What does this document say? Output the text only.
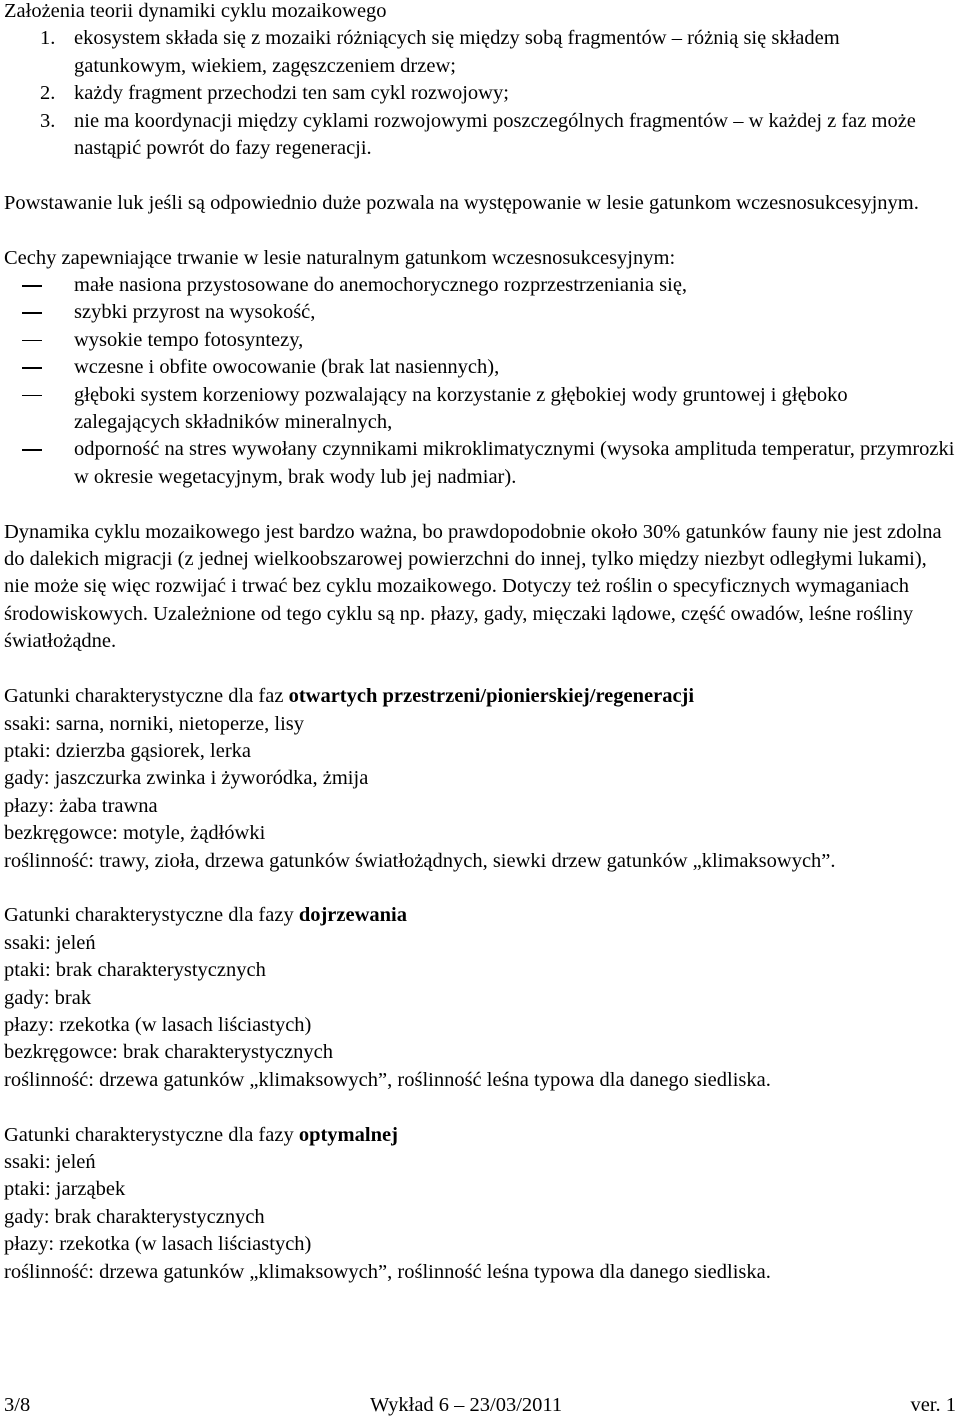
Założenia teorii dynamiki cyklu mozaikowego

1. ekosystem składa się z mozaiki różniących się między sobą fragmentów – różnią się składem gatunkowym, wiekiem, zagęszczeniem drzew;
2. każdy fragment przechodzi ten sam cykl rozwojowy;
3. nie ma koordynacji między cyklami rozwojowymi poszczególnych fragmentów – w każdej z faz może nastąpić powrót do fazy regeneracji.

Powstawanie luk jeśli są odpowiednio duże pozwala na występowanie w lesie gatunkom wczesnosukcesyjnym.

Cechy zapewniające trwanie w lesie naturalnym gatunkom wczesnosukcesyjnym:

małe nasiona przystosowane do anemochorycznego rozprzestrzeniania się,
szybki przyrost na wysokość,
wysokie tempo fotosyntezy,
wczesne i obfite owocowanie (brak lat nasiennych),
głęboki system korzeniowy pozwalający na korzystanie z głębokiej wody gruntowej i głęboko zalegających składników mineralnych,
odporność na stres wywołany czynnikami mikroklimatycznymi (wysoka amplituda temperatur, przymrozki w okresie wegetacyjnym, brak wody lub jej nadmiar).

Dynamika cyklu mozaikowego jest bardzo ważna, bo prawdopodobnie około 30% gatunków fauny nie jest zdolna do dalekich migracji (z jednej wielkoobszarowej powierzchni do innej, tylko między niezbyt odległymi lukami), nie może się więc rozwijać i trwać bez cyklu mozaikowego. Dotyczy też roślin o specyficznych wymaganiach środowiskowych. Uzależnione od tego cyklu są np. płazy, gady, mięczaki lądowe, część owadów, leśne rośliny światłożądne.

Gatunki charakterystyczne dla faz otwartych przestrzeni/pionierskiej/regeneracji

ssaki: sarna, norniki, nietoperze, lisy

ptaki: dzierzba gąsiorek, lerka

gady: jaszczurka zwinka i żyworódka, żmija

płazy: żaba trawna

bezkręgowce: motyle, żądłówki

roślinność: trawy, zioła, drzewa gatunków światłożądnych, siewki drzew gatunków „klimaksowych”.

Gatunki charakterystyczne dla fazy dojrzewania

ssaki: jeleń

ptaki: brak charakterystycznych

gady: brak

płazy: rzekotka (w lasach liściastych)

bezkręgowce: brak charakterystycznych

roślinność: drzewa gatunków „klimaksowych”, roślinność leśna typowa dla danego siedliska.

Gatunki charakterystyczne dla fazy optymalnej

ssaki: jeleń

ptaki: jarząbek

gady: brak charakterystycznych

płazy: rzekotka (w lasach liściastych)

roślinność: drzewa gatunków „klimaksowych”, roślinność leśna typowa dla danego siedliska.

3/8	Wykład 6 – 23/03/2011	ver. 1
